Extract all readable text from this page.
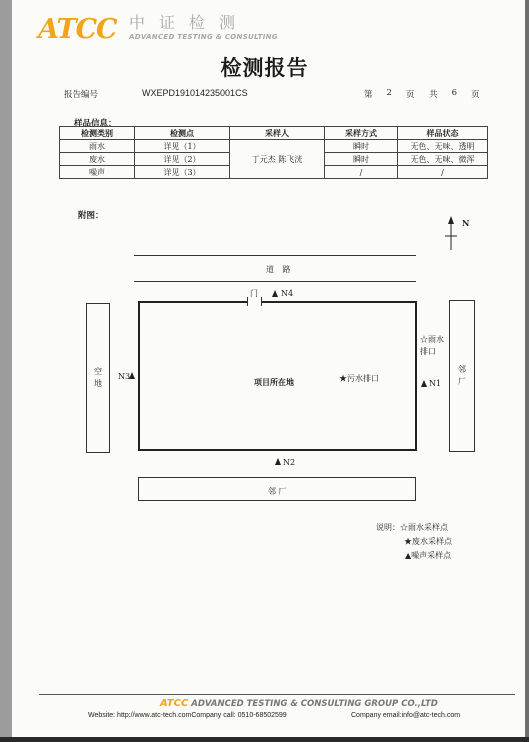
ATCC 中证检测
ADVANCED TESTING & CONSULTING
检测报告
报告编号	WXEPD191014235001CS	第 2 页 共 6 页
样品信息：
检测类别	检测点	采样人	采样方式	样品状态
雨水	详见（1）	丁元杰 陈飞洸	瞬时	无色、无味、透明
废水	详见（2）		瞬时	无色、无味、微浑
噪声	详见（3）		/	/
附图：
N
道 路
门	N4
空地
N3
项目所在地	★污水排口
☆雨水排口
N1
邻厂
N2
邻 厂
说明： ☆雨水采样点
★废水采样点
▲噪声采样点
ATCC ADVANCED TESTING & CONSULTING GROUP CO.,LTD
Website: http://www.atc-tech.comCompany call: 0510-68502599	Company email:info@atc-tech.com
